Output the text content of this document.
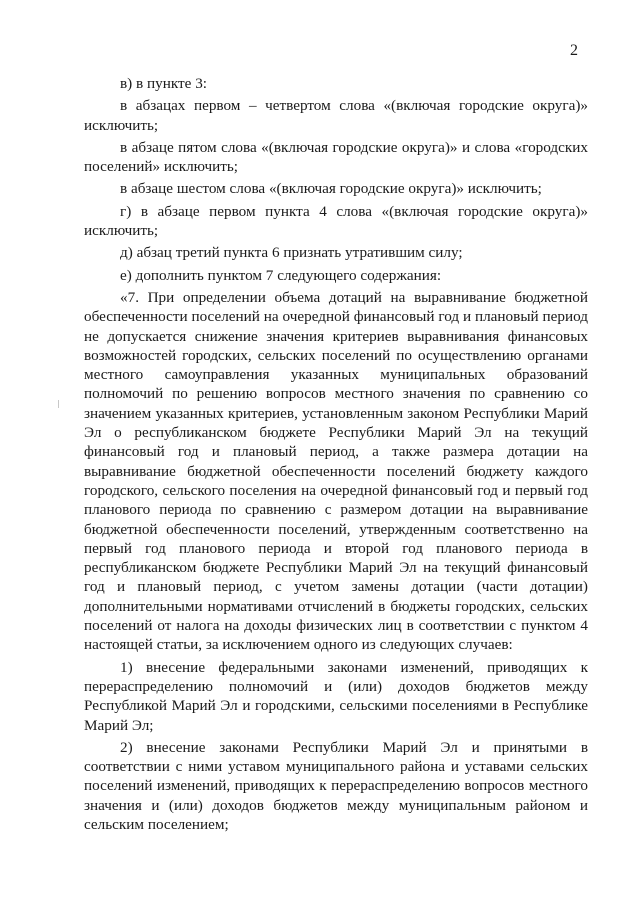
2

в) в пункте 3:

в абзацах первом – четвертом слова «(включая городские округа)» исключить;

в абзаце пятом слова «(включая городские округа)» и слова «городских поселений» исключить;

в абзаце шестом слова «(включая городские округа)» исключить;

г) в абзаце первом пункта 4 слова «(включая городские округа)» исключить;

д) абзац третий пункта 6 признать утратившим силу;

е) дополнить пунктом 7 следующего содержания:

«7. При определении объема дотаций на выравнивание бюджетной обеспеченности поселений на очередной финансовый год и плановый период не допускается снижение значения критериев выравнивания финансовых возможностей городских, сельских поселений по осуществлению органами местного самоуправления указанных муниципальных образований полномочий по решению вопросов местного значения по сравнению со значением указанных критериев, установленным законом Республики Марий Эл о республиканском бюджете Республики Марий Эл на текущий финансовый год и плановый период, а также размера дотации на выравнивание бюджетной обеспеченности поселений бюджету каждого городского, сельского поселения на очередной финансовый год и первый год планового периода по сравнению с размером дотации на выравнивание бюджетной обеспеченности поселений, утвержденным соответственно на первый год планового периода и второй год планового периода в республиканском бюджете Республики Марий Эл на текущий финансовый год и плановый период, с учетом замены дотации (части дотации) дополнительными нормативами отчислений в бюджеты городских, сельских поселений от налога на доходы физических лиц в соответствии с пунктом 4 настоящей статьи, за исключением одного из следующих случаев:

1) внесение федеральными законами изменений, приводящих к перераспределению полномочий и (или) доходов бюджетов между Республикой Марий Эл и городскими, сельскими поселениями в Республике Марий Эл;

2) внесение законами Республики Марий Эл и принятыми в соответствии с ними уставом муниципального района и уставами сельских поселений изменений, приводящих к перераспределению вопросов местного значения и (или) доходов бюджетов между муниципальным районом и сельским поселением;
